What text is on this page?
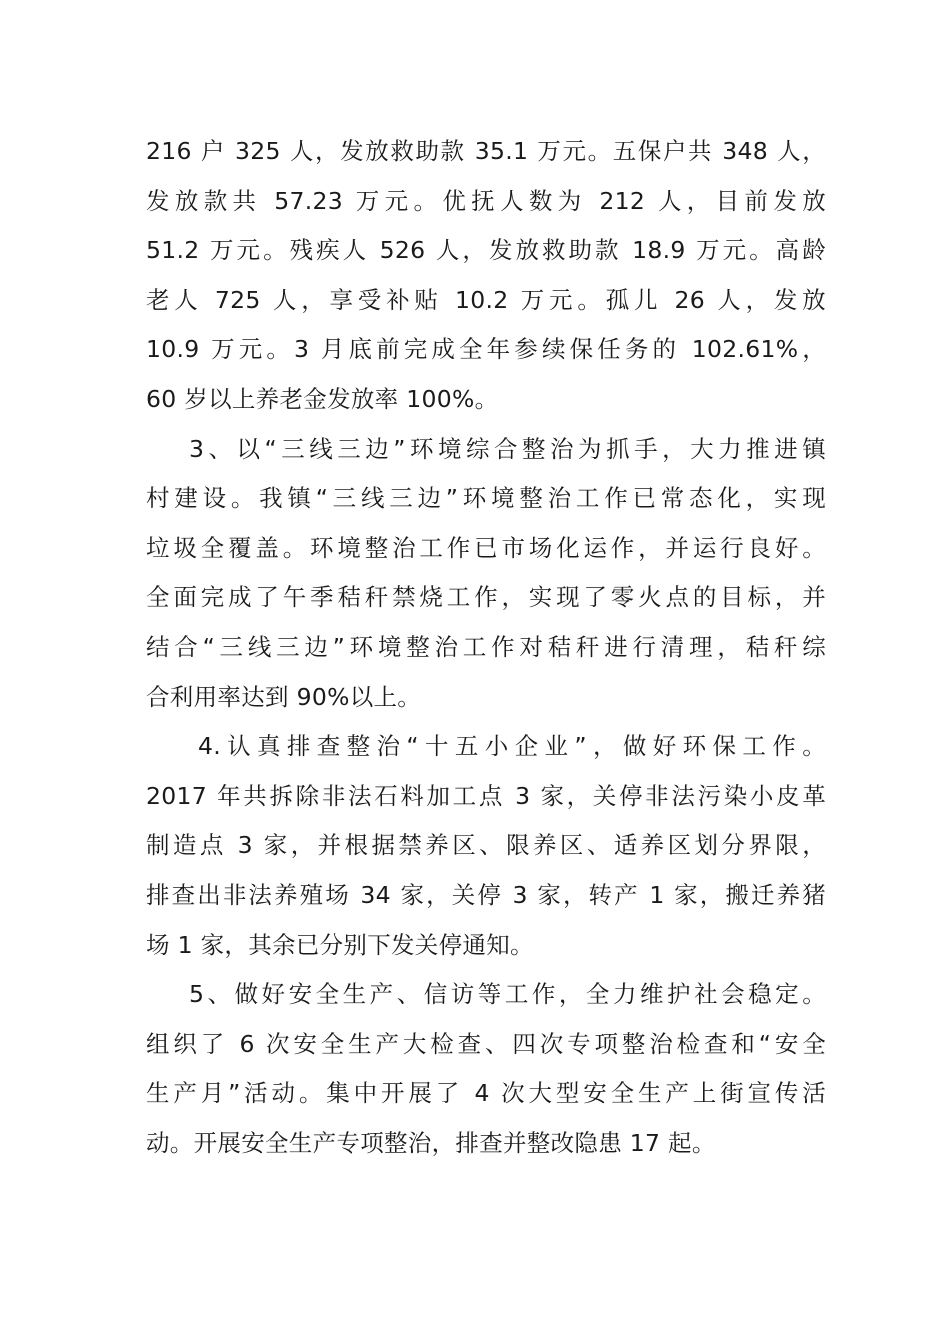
216 户 325 人，发放救助款 35.1 万元。五保户共 348 人，
发放款共 57.23 万元。优抚人数为 212 人，目前发放
51.2 万元。残疾人 526 人，发放救助款 18.9 万元。高龄
老人 725 人，享受补贴 10.2 万元。孤儿 26 人，发放
10.9 万元。3 月底前完成全年参续保任务的 102.61%，
60 岁以上养老金发放率 100%。
3、以“三线三边”环境综合整治为抓手，大力推进镇
村建设。我镇“三线三边”环境整治工作已常态化，实现
垃圾全覆盖。环境整治工作已市场化运作，并运行良好。
全面完成了午季秸秆禁烧工作，实现了零火点的目标，并
结合“三线三边”环境整治工作对秸秆进行清理，秸秆综
合利用率达到 90%以上。
4.认真排查整治“十五小企业”，做好环保工作。
2017 年共拆除非法石料加工点 3 家，关停非法污染小皮革
制造点 3 家，并根据禁养区、限养区、适养区划分界限，
排查出非法养殖场 34 家，关停 3 家，转产 1 家，搬迁养猪
场 1 家，其余已分别下发关停通知。
5、做好安全生产、信访等工作，全力维护社会稳定。
组织了 6 次安全生产大检查、四次专项整治检查和“安全
生产月”活动。集中开展了 4 次大型安全生产上街宣传活
动。开展安全生产专项整治，排查并整改隐患 17 起。
